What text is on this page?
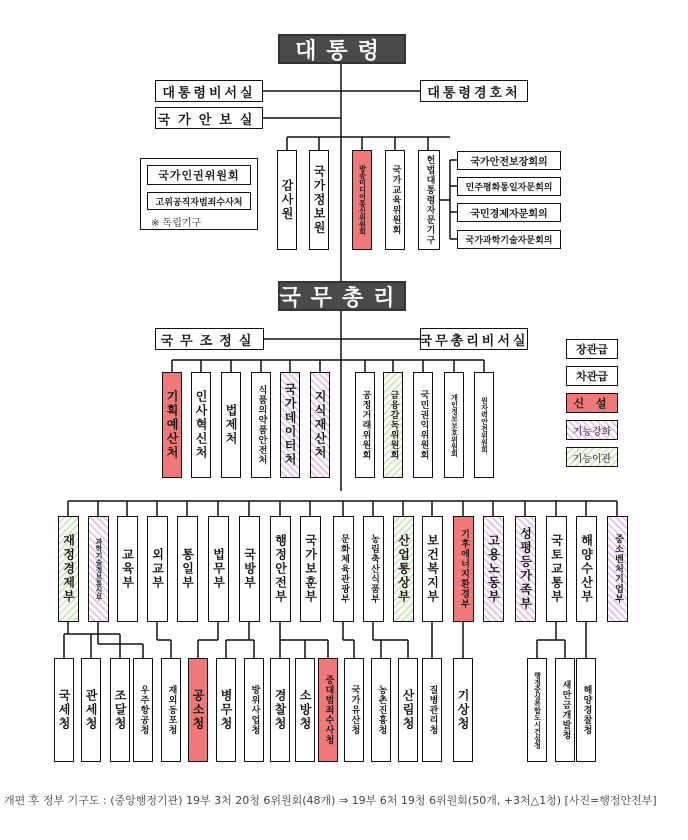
대통령
대통령비서실	대통령경호처
국가안보실
국가인권위원회
고위공직자범죄수사처
※ 독립기구
감사원 국가정보원	방송미디어통신위원회	국가교육위원회	헌법대통령자문기구	국가안전보장회의
민주평화통일자문회의
국민경제자문회의
국가과학기술자문회의
국무총리
국무조정실	국무총리비서실
기획예산처 인사혁신처 법제처 식품의약품안전처 국가데이터처 지식재산처	공정거래위원회 금융감독위원회 국민권익위원회	개인정보보호위원회	원자력안전위원회
장관급
차관급
신 설
기능강화
기능이관
재정경제부	과학기술정보통신부 교육부 외교부 통일부 법무부 국방부 행정안전부 국가보훈부 문화체육관광부 농림축산식품부 산업통상부 보건복지부 기후에너지환경부 고용노동부 성평등가족부 국토교통부 해양수산부 중소벤처기업부
국세청 관세청 조달청 우주항공청 재외동포청 공소청 병무청 방위사업청 경찰청 소방청 중대범죄수사청 국가유산청 농촌진흥청 산림청 질병관리청 기상청	행정중심복합도시건설청 새만금개발청 해양경찰청
개편 후 정부 기구도 : (중앙행정기관) 19부 3처 20청 6위원회(48개) ⇒ 19부 6처 19청 6위원회(50개, +3처△1청) [사진=행정안전부]
